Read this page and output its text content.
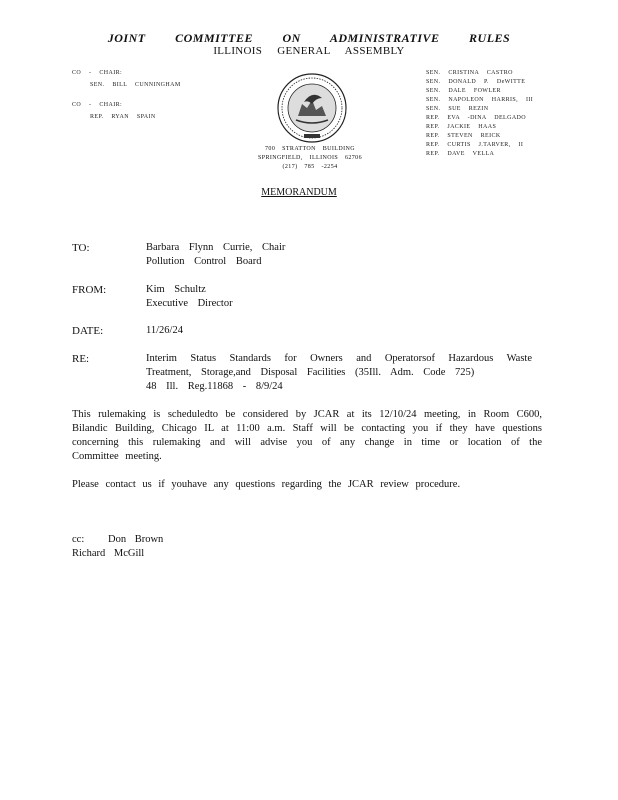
JOINT COMMITTEE ON ADMINISTRATIVE RULES
ILLINOIS GENERAL ASSEMBLY
CO - CHAIR:
SEN. BILL CUNNINGHAM
CO - CHAIR:
REP. RYAN SPAIN
700 STRATTON BUILDING
SPRINGFIELD, ILLINOIS 62706
(217) 785 -2254
SEN. CRISTINA CASTRO
SEN. DONALD P. DeWITTE
SEN. DALE FOWLER
SEN. NAPOLEON HARRIS, III
SEN. SUE REZIN
REP. EVA -DINA DELGADO
REP. JACKIE HAAS
REP. STEVEN REICK
REP. CURTIS J.TARVER, II
REP. DAVE VELLA
MEMORANDUM
TO:	Barbara Flynn Currie, Chair
Pollution Control Board
FROM:	Kim Schultz
Executive Director
DATE:	11/26/24
RE:	Interim Status Standards for Owners and Operatorsof Hazardous Waste
Treatment, Storage,and Disposal Facilities (35Ill. Adm. Code 725)
48 Ill. Reg.11868 - 8/9/24
This rulemaking is scheduledto be considered by JCAR at its 12/10/24 meeting, in Room C600, Bilandic Building, Chicago IL at 11:00 a.m. Staff will be contacting you if they have questions concerning this rulemaking and will advise you of any change in time or location of the Committee meeting.
Please contact us if youhave any questions regarding the JCAR review procedure.
cc: Don Brown
Richard McGill
